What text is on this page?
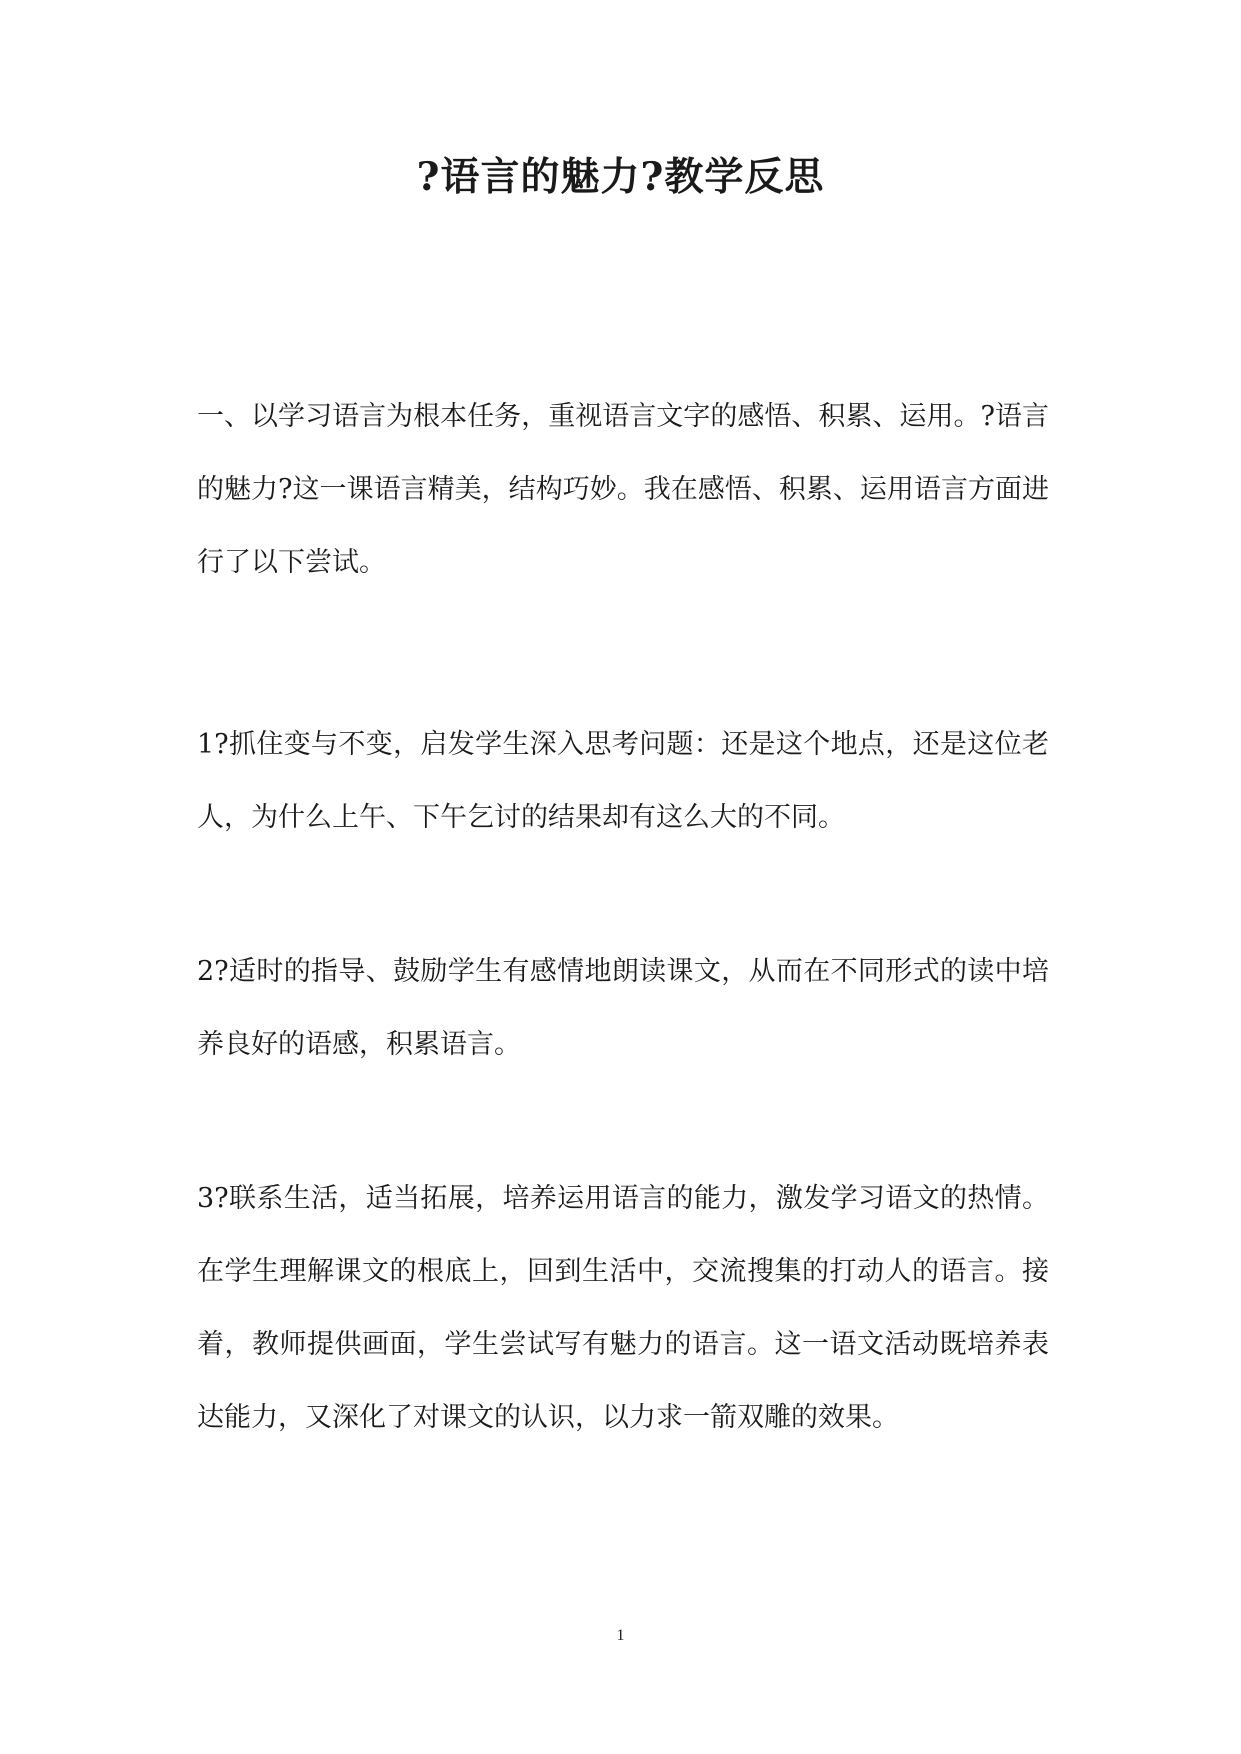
?语言的魅力?教学反思

一、以学习语言为根本任务，重视语言文字的感悟、积累、运用。?语言的魅力?这一课语言精美，结构巧妙。我在感悟、积累、运用语言方面进行了以下尝试。

1?抓住变与不变，启发学生深入思考问题：还是这个地点，还是这位老人，为什么上午、下午乞讨的结果却有这么大的不同。

2?适时的指导、鼓励学生有感情地朗读课文，从而在不同形式的读中培养良好的语感，积累语言。

3?联系生活，适当拓展，培养运用语言的能力，激发学习语文的热情。在学生理解课文的根底上，回到生活中，交流搜集的打动人的语言。接着，教师提供画面，学生尝试写有魅力的语言。这一语文活动既培养表达能力，又深化了对课文的认识，以力求一箭双雕的效果。

1
